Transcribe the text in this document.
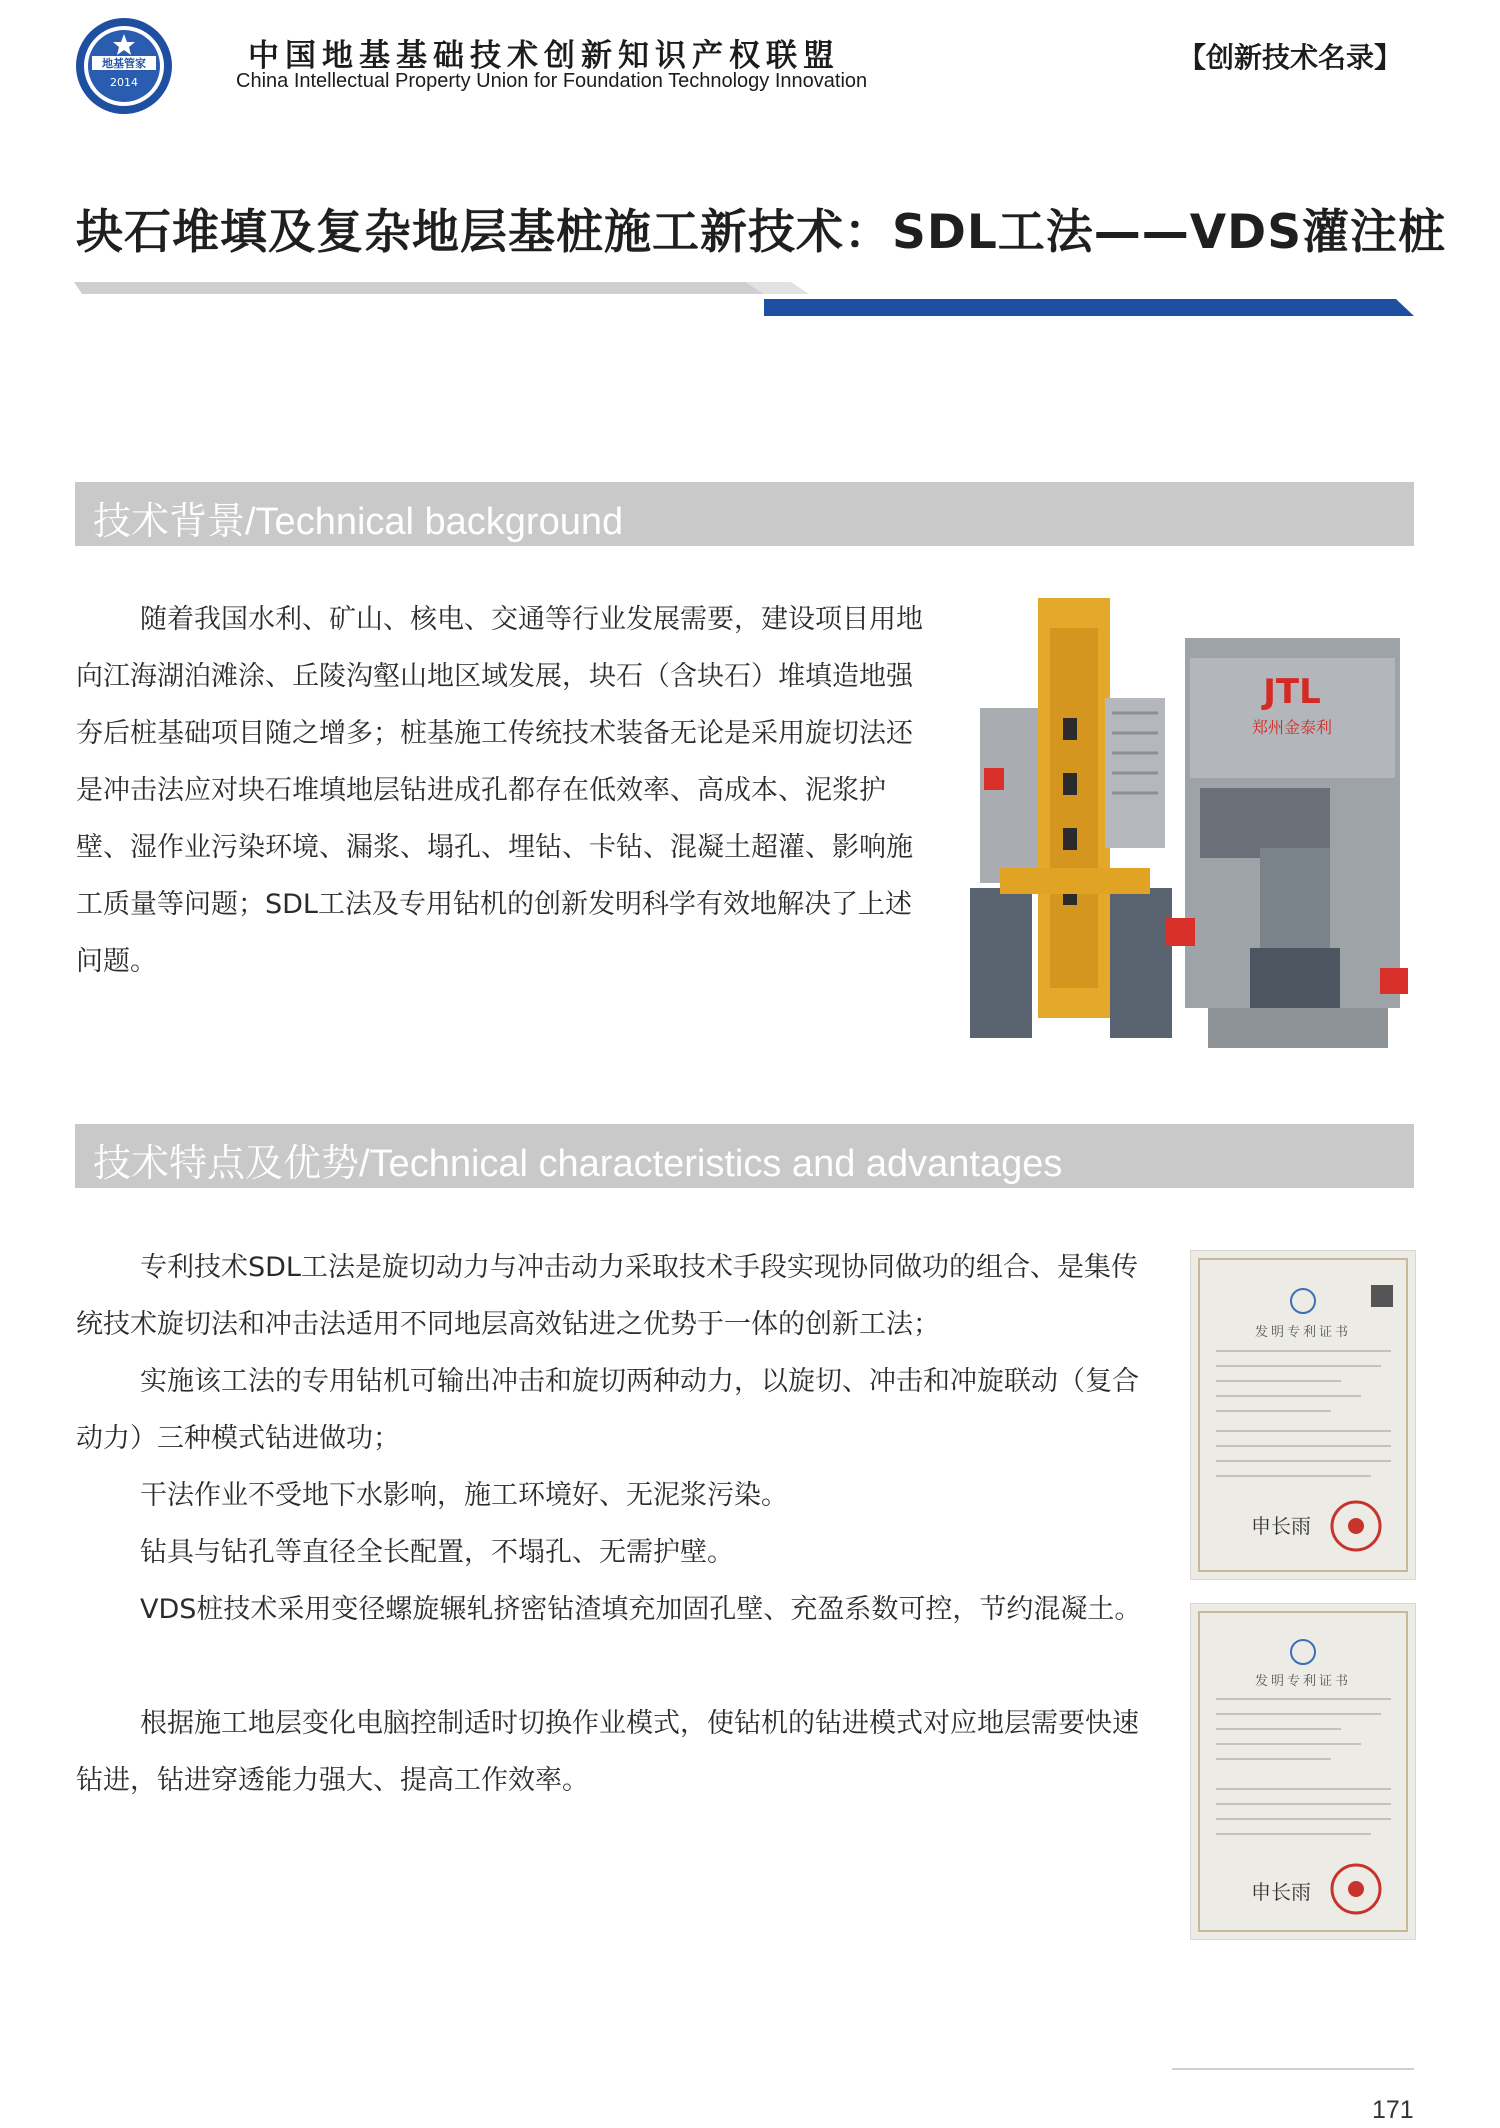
地基管家
2014
中国地基基础技术创新知识产权联盟
China Intellectual Property Union for Foundation Technology Innovation
【创新技术名录】
块石堆填及复杂地层基桩施工新技术：SDL工法——VDS灌注桩
技术背景/Technical background

随着我国水利、矿山、核电、交通等行业发展需要，建设项目用地向江海湖泊滩涂、丘陵沟壑山地区域发展，块石（含块石）堆填造地强夯后桩基础项目随之增多；桩基施工传统技术装备无论是采用旋切法还是冲击法应对块石堆填地层钻进成孔都存在低效率、高成本、泥浆护壁、湿作业污染环境、漏浆、塌孔、埋钻、卡钻、混凝土超灌、影响施工质量等问题；SDL工法及专用钻机的创新发明科学有效地解决了上述问题。

JTL
郑州金泰利
技术特点及优势/Technical characteristics and advantages

专利技术SDL工法是旋切动力与冲击动力采取技术手段实现协同做功的组合、是集传统技术旋切法和冲击法适用不同地层高效钻进之优势于一体的创新工法；

实施该工法的专用钻机可输出冲击和旋切两种动力，以旋切、冲击和冲旋联动（复合动力）三种模式钻进做功；

干法作业不受地下水影响，施工环境好、无泥浆污染。

钻具与钻孔等直径全长配置，不塌孔、无需护壁。

VDS桩技术采用变径螺旋辗轧挤密钻渣填充加固孔壁、充盈系数可控，节约混凝土。

根据施工地层变化电脑控制适时切换作业模式，使钻机的钻进模式对应地层需要快速钻进，钻进穿透能力强大、提高工作效率。

申长雨
发明专利证书
申长雨
发明专利证书
171
